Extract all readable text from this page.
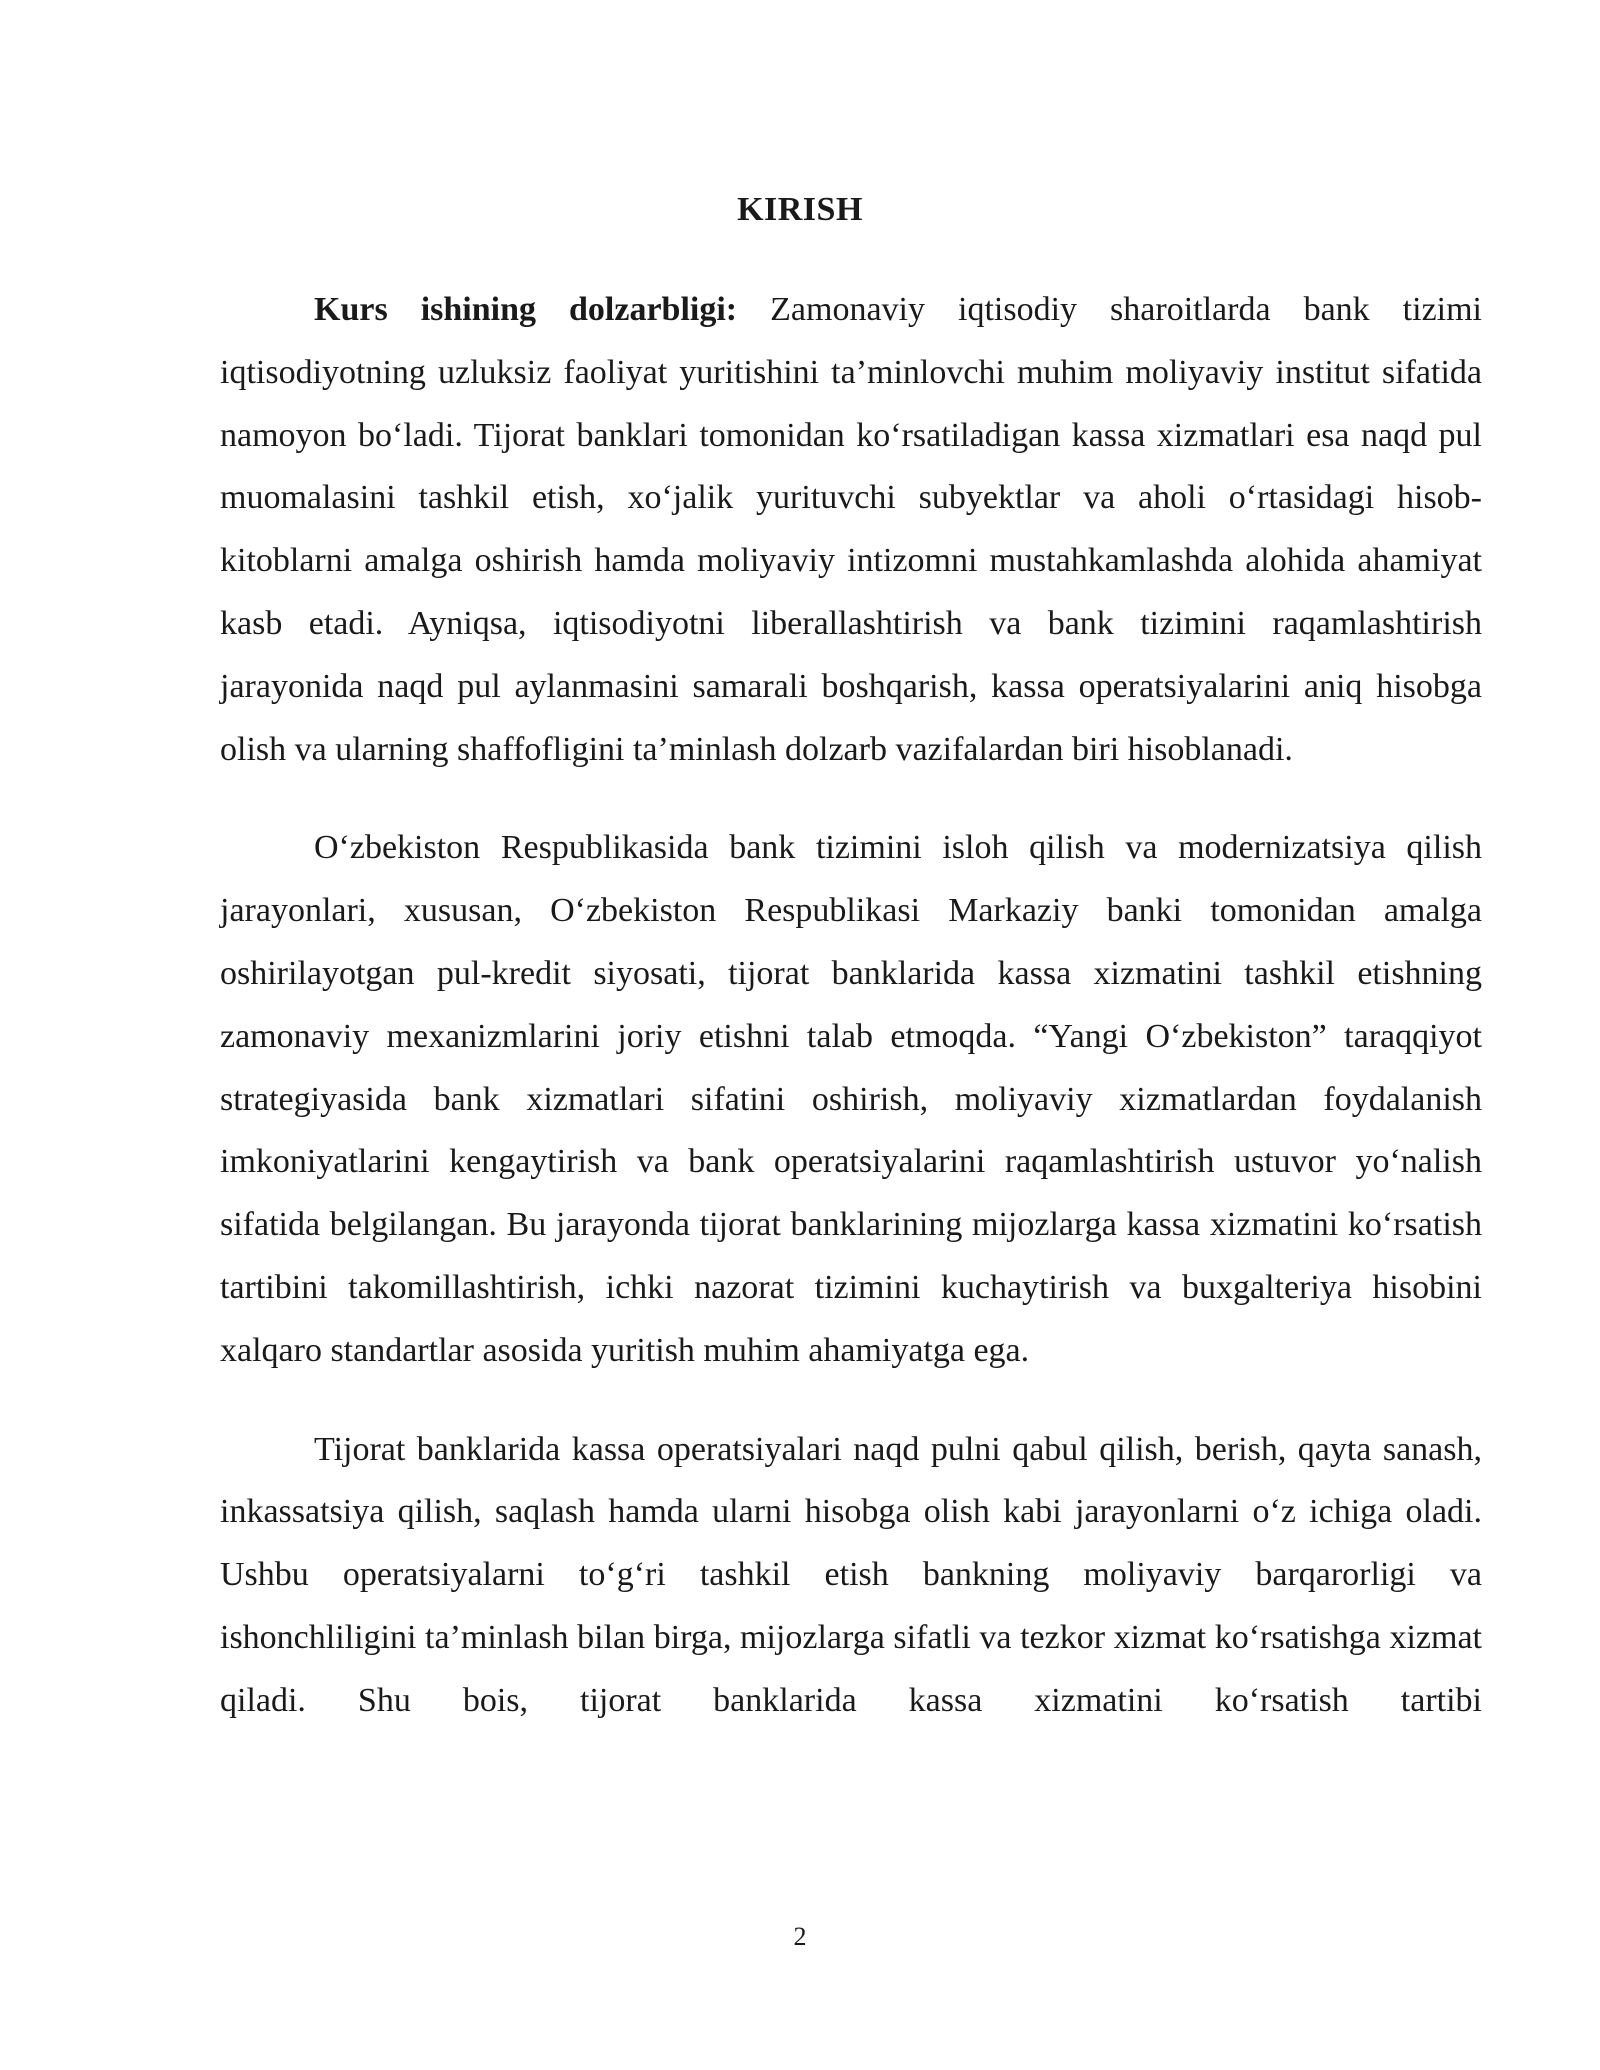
KIRISH

Kurs ishining dolzarbligi: Zamonaviy iqtisodiy sharoitlarda bank tizimi iqtisodiyotning uzluksiz faoliyat yuritishini ta’minlovchi muhim moliyaviy institut sifatida namoyon bo‘ladi. Tijorat banklari tomonidan ko‘rsatiladigan kassa xizmatlari esa naqd pul muomalasini tashkil etish, xo‘jalik yurituvchi subyektlar va aholi o‘rtasidagi hisob-kitoblarni amalga oshirish hamda moliyaviy intizomni mustahkamlashda alohida ahamiyat kasb etadi. Ayniqsa, iqtisodiyotni liberallashtirish va bank tizimini raqamlashtirish jarayonida naqd pul aylanmasini samarali boshqarish, kassa operatsiyalarini aniq hisobga olish va ularning shaffofligini ta’minlash dolzarb vazifalardan biri hisoblanadi.

O‘zbekiston Respublikasida bank tizimini isloh qilish va modernizatsiya qilish jarayonlari, xususan, O‘zbekiston Respublikasi Markaziy banki tomonidan amalga oshirilayotgan pul-kredit siyosati, tijorat banklarida kassa xizmatini tashkil etishning zamonaviy mexanizmlarini joriy etishni talab etmoqda. “Yangi O‘zbekiston” taraqqiyot strategiyasida bank xizmatlari sifatini oshirish, moliyaviy xizmatlardan foydalanish imkoniyatlarini kengaytirish va bank operatsiyalarini raqamlashtirish ustuvor yo‘nalish sifatida belgilangan. Bu jarayonda tijorat banklarining mijozlarga kassa xizmatini ko‘rsatish tartibini takomillashtirish, ichki nazorat tizimini kuchaytirish va buxgalteriya hisobini xalqaro standartlar asosida yuritish muhim ahamiyatga ega.

Tijorat banklarida kassa operatsiyalari naqd pulni qabul qilish, berish, qayta sanash, inkassatsiya qilish, saqlash hamda ularni hisobga olish kabi jarayonlarni o‘z ichiga oladi. Ushbu operatsiyalarni to‘g‘ri tashkil etish bankning moliyaviy barqarorligi va ishonchliligini ta’minlash bilan birga, mijozlarga sifatli va tezkor xizmat ko‘rsatishga xizmat qiladi. Shu bois, tijorat banklarida kassa xizmatini ko‘rsatish tartibi

2
